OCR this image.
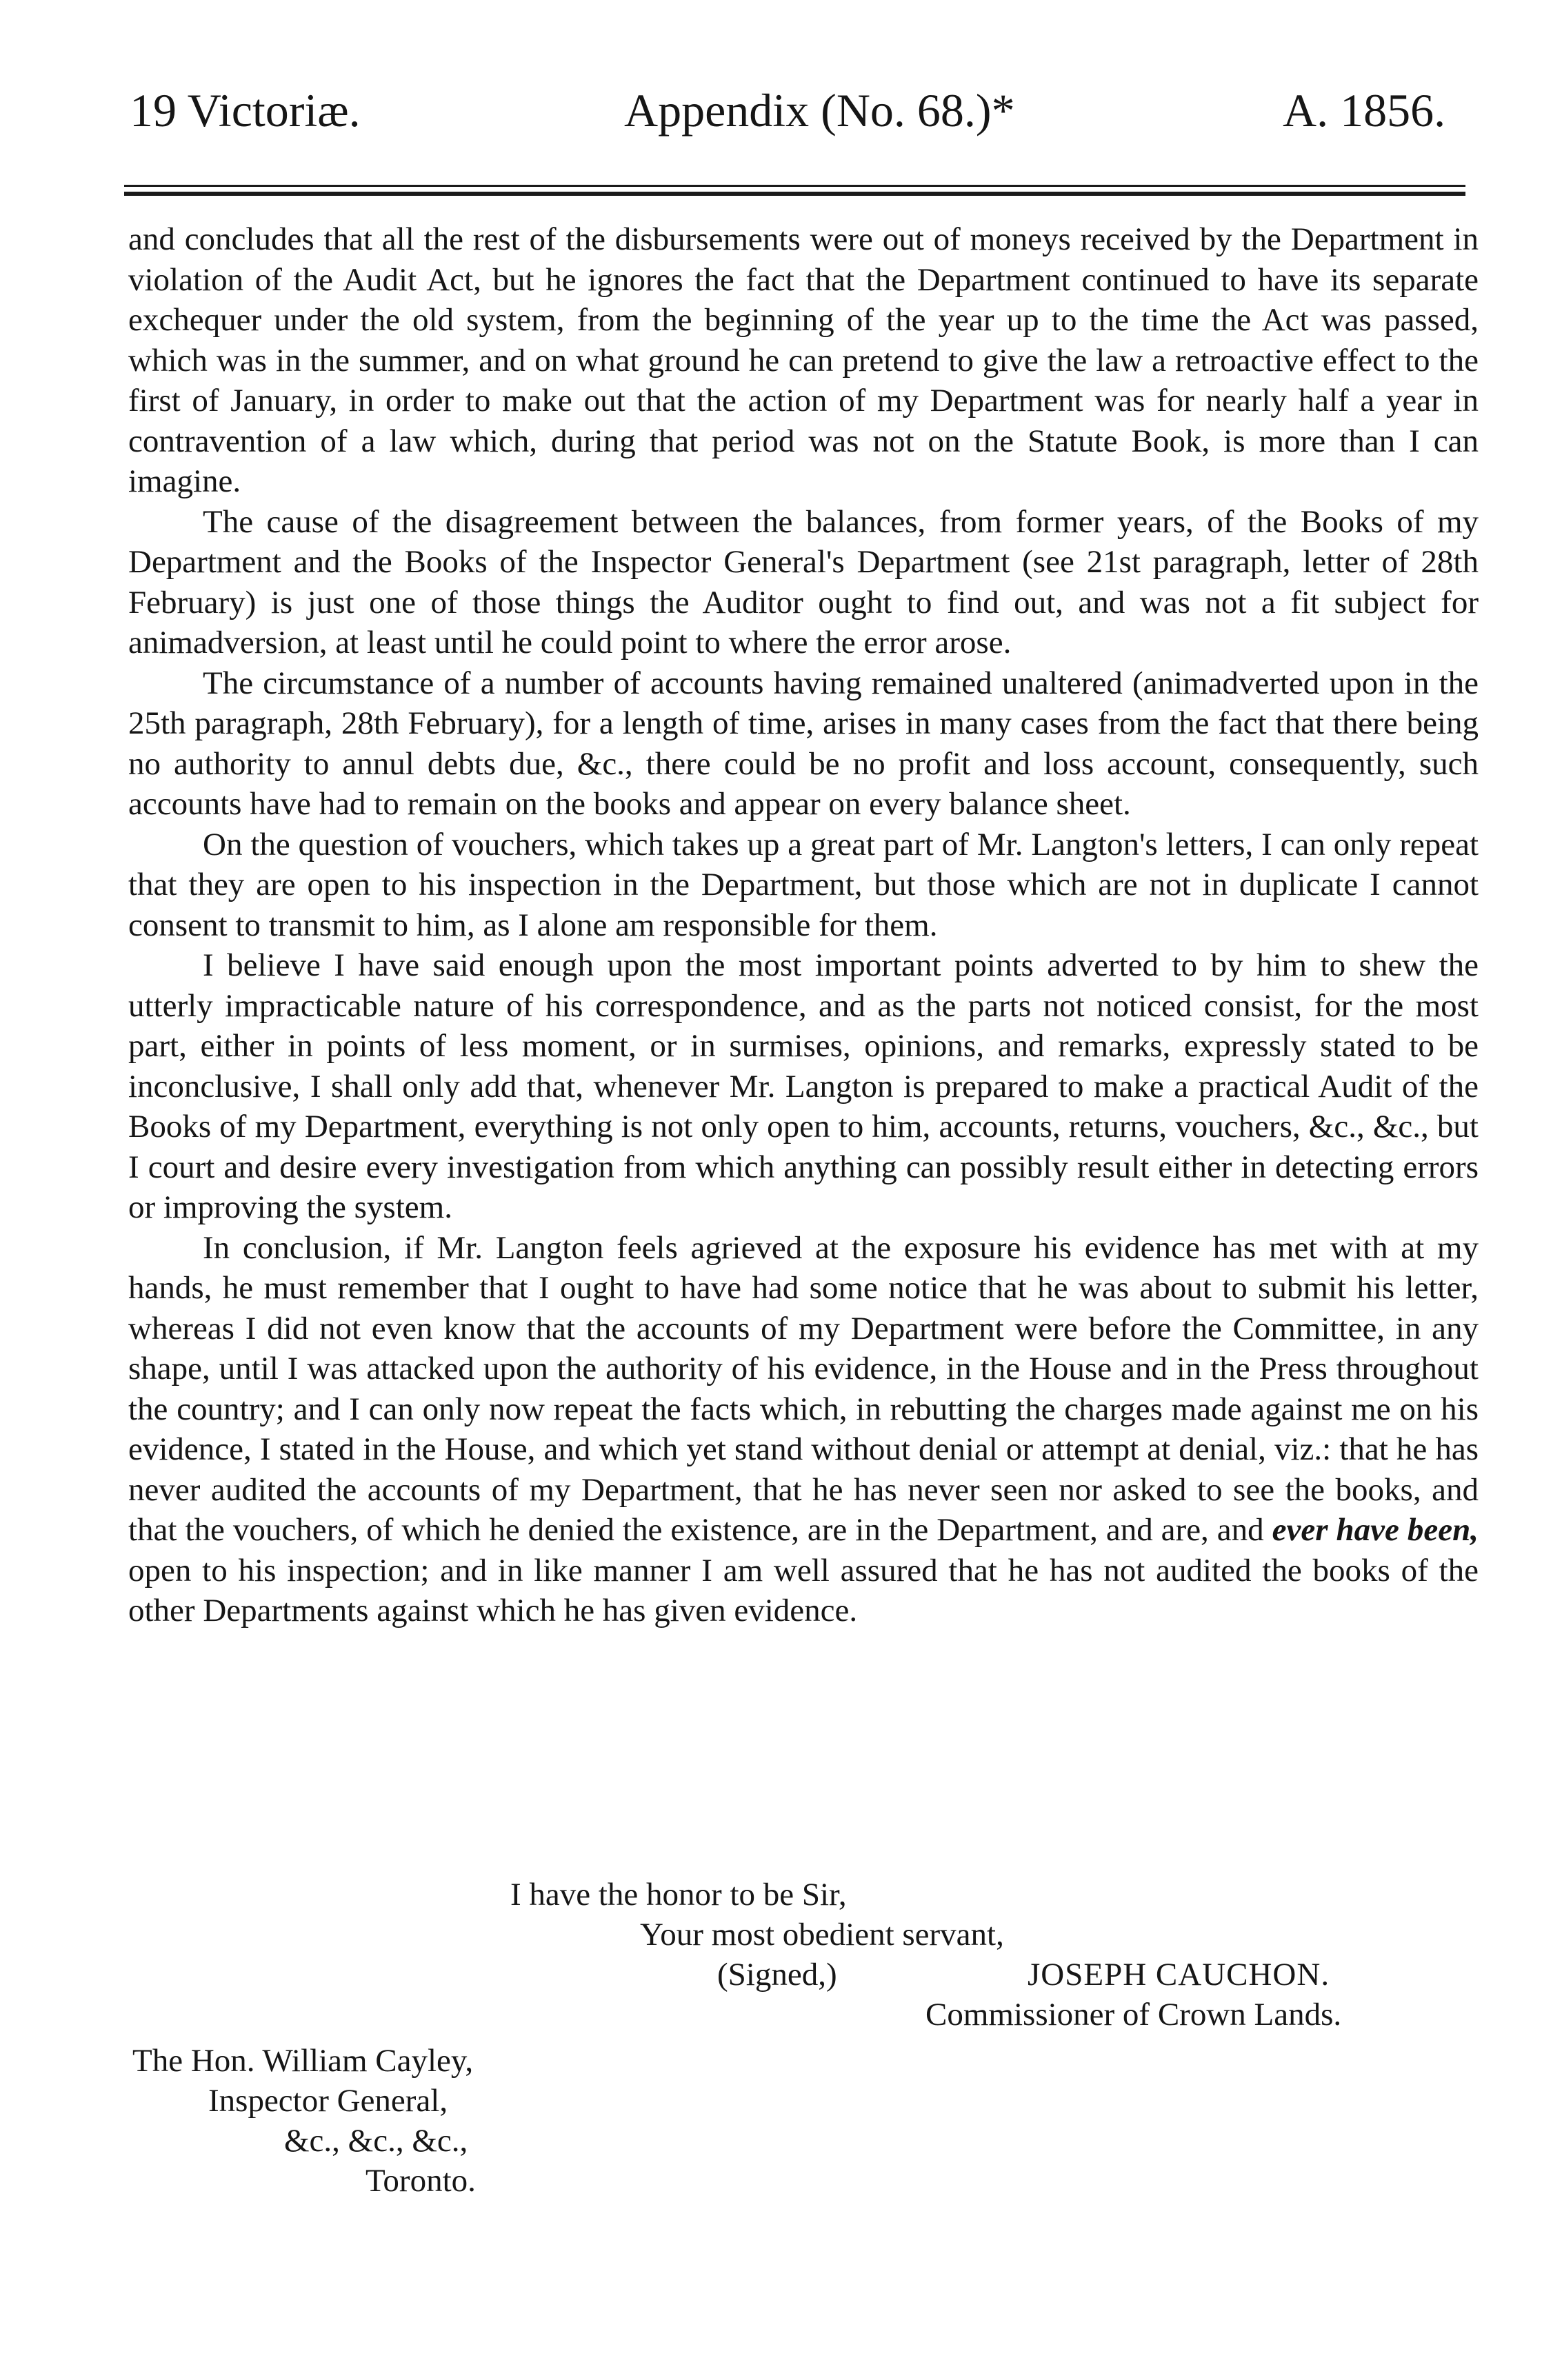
19 Victoriæ.	Appendix (No. 68.)*	A. 1856.

and concludes that all the rest of the disbursements were out of moneys received by the Department in violation of the Audit Act, but he ignores the fact that the Department continued to have its separate exchequer under the old system, from the beginning of the year up to the time the Act was passed, which was in the summer, and on what ground he can pretend to give the law a retroactive effect to the first of January, in order to make out that the action of my Department was for nearly half a year in contravention of a law which, during that period was not on the Statute Book, is more than I can imagine.

The cause of the disagreement between the balances, from former years, of the Books of my Department and the Books of the Inspector General's Department (see 21st paragraph, letter of 28th February) is just one of those things the Auditor ought to find out, and was not a fit subject for animadversion, at least until he could point to where the error arose.

The circumstance of a number of accounts having remained unaltered (animadverted upon in the 25th paragraph, 28th February), for a length of time, arises in many cases from the fact that there being no authority to annul debts due, &c., there could be no profit and loss account, consequently, such accounts have had to remain on the books and appear on every balance sheet.

On the question of vouchers, which takes up a great part of Mr. Langton's letters, I can only repeat that they are open to his inspection in the Department, but those which are not in duplicate I cannot consent to transmit to him, as I alone am responsible for them.

I believe I have said enough upon the most important points adverted to by him to shew the utterly impracticable nature of his correspondence, and as the parts not noticed consist, for the most part, either in points of less moment, or in surmises, opinions, and remarks, expressly stated to be inconclusive, I shall only add that, whenever Mr. Langton is prepared to make a practical Audit of the Books of my Department, everything is not only open to him, accounts, returns, vouchers, &c., &c., but I court and desire every investigation from which anything can possibly result either in detecting errors or improving the system.

In conclusion, if Mr. Langton feels agrieved at the exposure his evidence has met with at my hands, he must remember that I ought to have had some notice that he was about to submit his letter, whereas I did not even know that the accounts of my Department were before the Committee, in any shape, until I was attacked upon the authority of his evidence, in the House and in the Press throughout the country; and I can only now repeat the facts which, in rebutting the charges made against me on his evidence, I stated in the House, and which yet stand without denial or attempt at denial, viz.: that he has never audited the accounts of my Department, that he has never seen nor asked to see the books, and that the vouchers, of which he denied the existence, are in the Department, and are, and ever have been, open to his inspection; and in like manner I am well assured that he has not audited the books of the other Departments against which he has given evidence.

I have the honor to be Sir,
Your most obedient servant,
(Signed,)	JOSEPH CAUCHON.
Commissioner of Crown Lands.
The Hon. William Cayley,
Inspector General,
&c., &c., &c.,
Toronto.
